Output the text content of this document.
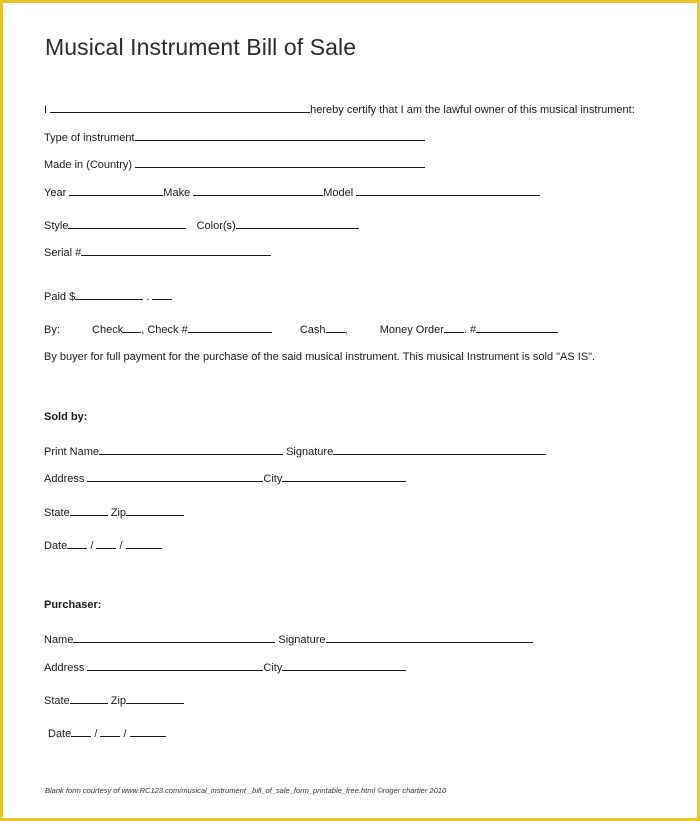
Musical Instrument Bill of Sale
I	hereby certify that I am the lawful owner of this musical instrument:
Type of instrument
Made in (Country)
Year	Make	Model
Style	Color(s)
Serial #
Paid $	.
By:	Check , Check #	Cash ,	Money Order . #
By buyer for full payment for the purchase of the said musical instrument. This musical Instrument is sold "AS IS".
Sold by:
Print Name	Signature
Address	City
State	Zip
Date / /
Purchaser:
Name	Signature
Address	City
State	Zip
Date / /
Blank form courtesy of www.RC123.com/musical_instrument _bill_of_sale_form_printable_free.html ©roger chartier 2010
